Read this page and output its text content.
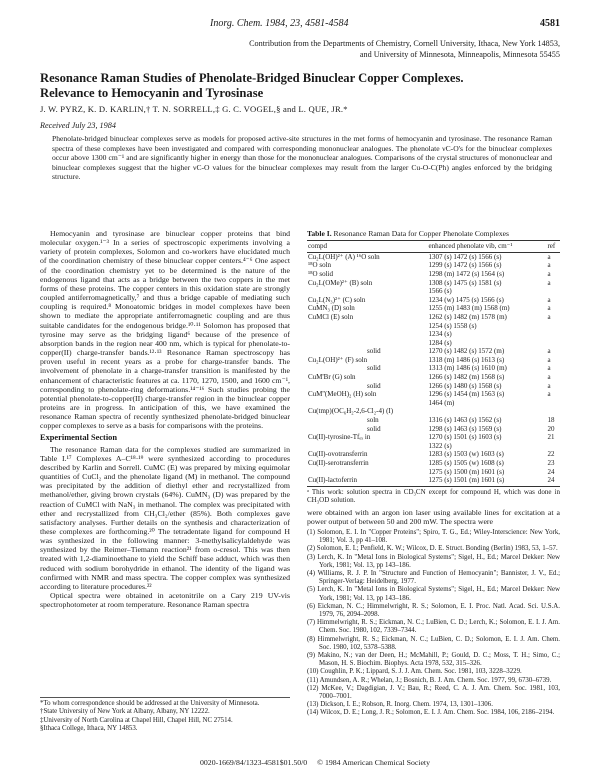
Inorg. Chem. 1984, 23, 4581-4584	4581
Contribution from the Departments of Chemistry, Cornell University, Ithaca, New York 14853,
and University of Minnesota, Minneapolis, Minnesota 55455
Resonance Raman Studies of Phenolate-Bridged Binuclear Copper Complexes.
Relevance to Hemocyanin and Tyrosinase
J. W. PYRZ, K. D. KARLIN,† T. N. SORRELL,‡ G. C. VOGEL,§ and L. QUE, JR.*
Received July 23, 1984
Phenolate-bridged binuclear complexes serve as models for proposed active-site structures in the met forms of hemocyanin and tyrosinase. The resonance Raman spectra of these complexes have been investigated and compared with corresponding mononuclear analogues. The phenolate νC-O's for the binuclear complexes occur above 1300 cm⁻¹ and are significantly higher in energy than those for the mononuclear analogues. Comparisons of the crystal structures of mononuclear and binuclear complexes suggest that the higher νC-O values for the binuclear complexes may result from the larger Cu-O-C(Ph) angles enforced by the bridging structure.

Hemocyanin and tyrosinase are binuclear copper proteins that bind molecular oxygen.¹⁻³ In a series of spectroscopic experiments involving a variety of protein complexes, Solomon and co-workers have elucidated much of the coordination chemistry of these binuclear copper centers.⁴⁻⁶ One aspect of the coordination chemistry yet to be determined is the nature of the endogenous ligand that acts as a bridge between the two coppers in the met forms of these proteins. The copper centers in this oxidation state are strongly coupled antiferromagnetically,⁷ and thus a bridge capable of mediating such coupling is required.⁸ Monoatomic bridges in model complexes have been shown to mediate the appropriate antiferromagnetic coupling and are thus suitable candidates for the endogenous bridge.¹⁰·¹¹ Solomon has proposed that tyrosine may serve as the bridging ligand⁶ because of the presence of absorption bands in the region near 400 nm, which is typical for phenolate-to-copper(II) charge-transfer bands.¹²·¹³ Resonance Raman spectroscopy has proven useful in recent years as a probe for charge-transfer bands. The involvement of phenolate in a charge-transfer transition is manifested by the enhancement of characteristic features at ca. 1170, 1270, 1500, and 1600 cm⁻¹, corresponding to phenolate-ring deformations.¹⁴⁻¹⁶ Such studies probing the potential phenolate-to-copper(II) charge-transfer region in the binuclear copper proteins are in progress. In anticipation of this, we have examined the resonance Raman spectra of recently synthesized phenolate-bridged binuclear copper complexes to serve as a basis for comparisons with the proteins.

Experimental Section

The resonance Raman data for the complexes studied are summarized in Table I.¹⁷ Complexes A–C¹⁸·¹⁹ were synthesized according to procedures described by Karlin and Sorrell. CuMC (E) was prepared by mixing equimolar quantities of CuCl₂ and the phenolate ligand (M) in methanol. The compound was precipitated by the addition of diethyl ether and recrystallized from methanol/ether, giving brown crystals (64%). CuMN₃ (D) was prepared by the reaction of CuMCl with NaN₃ in methanol. The complex was precipitated with ether and recrystallized from CH₃Cl₂/ether (85%). Both complexes gave satisfactory analyses. Further details on the synthesis and characterization of these complexes are forthcoming.²⁰ The tetradentate ligand for compound H was synthesized in the following manner: 3-methylsalicylaldehyde was synthesized by the Reimer–Tiemann reaction²¹ from o-cresol. This was then treated with 1,2-diaminoethane to yield the Schiff base adduct, which was then reduced with sodium borohydride in ethanol. The identity of the ligand was confirmed with NMR and mass spectra. The copper complex was synthesized according to literature procedures.²²

Optical spectra were obtained in acetonitrile on a Cary 219 UV-vis spectrophotometer at room temperature. Resonance Raman spectra

*To whom correspondence should be addressed at the University of Minnesota.
†State University of New York at Albany, Albany, NY 12222.
‡University of North Carolina at Chapel Hill, Chapel Hill, NC 27514.
§Ithaca College, Ithaca, NY 14853.
Table I. Resonance Raman Data for Copper Phenolate Complexes
compd	enhanced phenolate vib, cm⁻¹	ref
Cu₂L(OH)²⁺ (A) ¹⁶O soln	1307 (s) 1472 (s) 1566 (s)	a
¹⁸O soln	1299 (s) 1472 (s) 1566 (s)	a
¹⁸O solid	1298 (m) 1472 (s) 1564 (s)	a
Cu₂L(OMe)²⁺ (B) soln	1308 (s) 1475 (s) 1581 (s)	a
	1566 (s)	
Cu₂L(N₃)²⁺ (C) soln	1234 (w) 1475 (s) 1566 (s)	a
CuMN₃ (D) soln	1255 (m) 1483 (m) 1568 (m)	a
CuMCl (E) soln	1262 (s) 1482 (m) 1578 (m)	a
	1254 (s) 1558 (s)	
	1234 (s)	
	1284 (s)	
solid	1270 (s) 1482 (s) 1572 (m)	a
Cu₂L(OH)²⁺ (F) soln	1318 (m) 1486 (s) 1613 (s)	a
solid	1313 (m) 1486 (s) 1610 (m)	a
CuM'Br (G) soln	1266 (s) 1482 (m) 1568 (s)	a
solid	1266 (s) 1480 (s) 1568 (s)	a

CuM''(MeOH)₂ (H) soln	1296 (s) 1454 (m) 1563 (s)	a
	1464 (m)	
Cu(tmp)(OC₆H₂-2,6-Cl₂-4) (I)		
soln	1316 (s) 1463 (s) 1562 (s)	18
solid	1298 (s) 1463 (s) 1569 (s)	20
Cu(II)-tyrosine-Tfₑₓ in	1270 (s) 1501 (s) 1603 (s)	21
	1322 (s)	
Cu(II)-ovotransferrin	1283 (s) 1503 (w) 1603 (s)	22
Cu(II)-serotransferrin	1285 (s) 1505 (w) 1608 (s)	23
	1275 (s) 1500 (m) 1601 (s)	24
Cu(II)-lactoferrin	1275 (s) 1501 (m) 1601 (s)	24
ᵃ This work: solution spectra in CD₃CN except for compound H, which was done in CH₃OD solution.

were obtained with an argon ion laser using available lines for excitation at a power output of between 50 and 200 mW. The spectra were

(1) Solomon, E. I. In "Copper Proteins"; Spiro, T. G., Ed.; Wiley-Interscience: New York, 1981; Vol. 3, pp 41–108.
(2) Solomon, E. I.; Penfield, K. W.; Wilcox, D. E. Struct. Bonding (Berlin) 1983, 53, 1–57.
(3) Lerch, K. In "Metal Ions in Biological Systems"; Sigel, H., Ed.; Marcel Dekker: New York, 1981; Vol. 13, pp 143–186.
(4) Williams, R. J. P. In "Structure and Function of Hemocyanin"; Bannister, J. V., Ed.; Springer-Verlag: Heidelberg, 1977.
(5) Lerch, K. In "Metal Ions in Biological Systems"; Sigel, H., Ed.; Marcel Dekker: New York, 1981; Vol. 13, pp 143–186.
(6) Eickman, N. C.; Himmelwright, R. S.; Solomon, E. I. Proc. Natl. Acad. Sci. U.S.A. 1979, 76, 2094–2098.
(7) Himmelwright, R. S.; Eickman, N. C.; LuBien, C. D.; Lerch, K.; Solomon, E. I. J. Am. Chem. Soc. 1980, 102, 7339–7344.
(8) Himmelwright, R. S.; Eickman, N. C.; LuBien, C. D.; Solomon, E. I. J. Am. Chem. Soc. 1980, 102, 5378–5388.
(9) Makino, N.; van der Deen, H.; McMahill, P.; Gould, D. C.; Moss, T. H.; Simo, C.; Mason, H. S. Biochim. Biophys. Acta 1978, 532, 315–326.
(10) Coughlin, P. K.; Lippard, S. J. J. Am. Chem. Soc. 1981, 103, 3228–3229.
(11) Amundsen, A. R.; Whelan, J.; Bosnich, B. J. Am. Chem. Soc. 1977, 99, 6730–6739.
(12) McKee, V.; Dagdigian, J. V.; Bau, R.; Reed, C. A. J. Am. Chem. Soc. 1981, 103, 7000–7001.
(13) Dickson, I. E.; Robson, R. Inorg. Chem. 1974, 13, 1301–1306.
(14) Wilcox, D. E.; Long, J. R.; Solomon, E. I. J. Am. Chem. Soc. 1984, 106, 2186–2194.
0020-1669/84/1323-4581$01.50/0 © 1984 American Chemical Society
